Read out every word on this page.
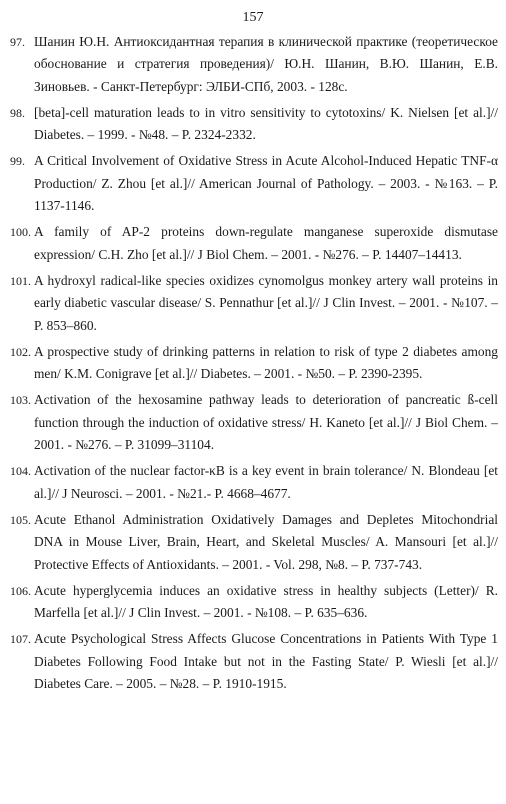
157
97. Шанин Ю.Н. Антиоксидантная терапия в клинической практике (теоретическое обоснование и стратегия проведения)/ Ю.Н. Шанин, В.Ю. Шанин, Е.В. Зиновьев. - Санкт-Петербург: ЭЛБИ-СПб, 2003. - 128с.
98. [beta]-cell maturation leads to in vitro sensitivity to cytotoxins/ K. Nielsen [et al.]// Diabetes. – 1999. - №48. – P. 2324-2332.
99. A Critical Involvement of Oxidative Stress in Acute Alcohol-Induced Hepatic TNF-α Production/ Z. Zhou [et al.]// American Journal of Pathology. – 2003. - №163. – P. 1137-1146.
100. A family of AP-2 proteins down-regulate manganese superoxide dismutase expression/ C.H. Zho [et al.]// J Biol Chem. – 2001. - №276. – P. 14407–14413.
101. A hydroxyl radical-like species oxidizes cynomolgus monkey artery wall proteins in early diabetic vascular disease/ S. Pennathur [et al.]// J Clin Invest. – 2001. - №107. – P. 853–860.
102. A prospective study of drinking patterns in relation to risk of type 2 diabetes among men/ K.M. Conigrave [et al.]// Diabetes. – 2001. - №50. – P. 2390-2395.
103. Activation of the hexosamine pathway leads to deterioration of pancreatic ß-cell function through the induction of oxidative stress/ H. Kaneto [et al.]// J Biol Chem. – 2001. - №276. – P. 31099–31104.
104. Activation of the nuclear factor-κB is a key event in brain tolerance/ N. Blondeau [et al.]// J Neurosci. – 2001. - №21.- P. 4668–4677.
105. Acute Ethanol Administration Oxidatively Damages and Depletes Mitochondrial DNA in Mouse Liver, Brain, Heart, and Skeletal Muscles/ A. Mansouri [et al.]// Protective Effects of Antioxidants. – 2001. - Vol. 298, №8. – P. 737-743.
106. Acute hyperglycemia induces an oxidative stress in healthy subjects (Letter)/ R. Marfella [et al.]// J Clin Invest. – 2001. - №108. – P. 635–636.
107. Acute Psychological Stress Affects Glucose Concentrations in Patients With Type 1 Diabetes Following Food Intake but not in the Fasting State/ P. Wiesli [et al.]// Diabetes Care. – 2005. – №28. – P. 1910-1915.
